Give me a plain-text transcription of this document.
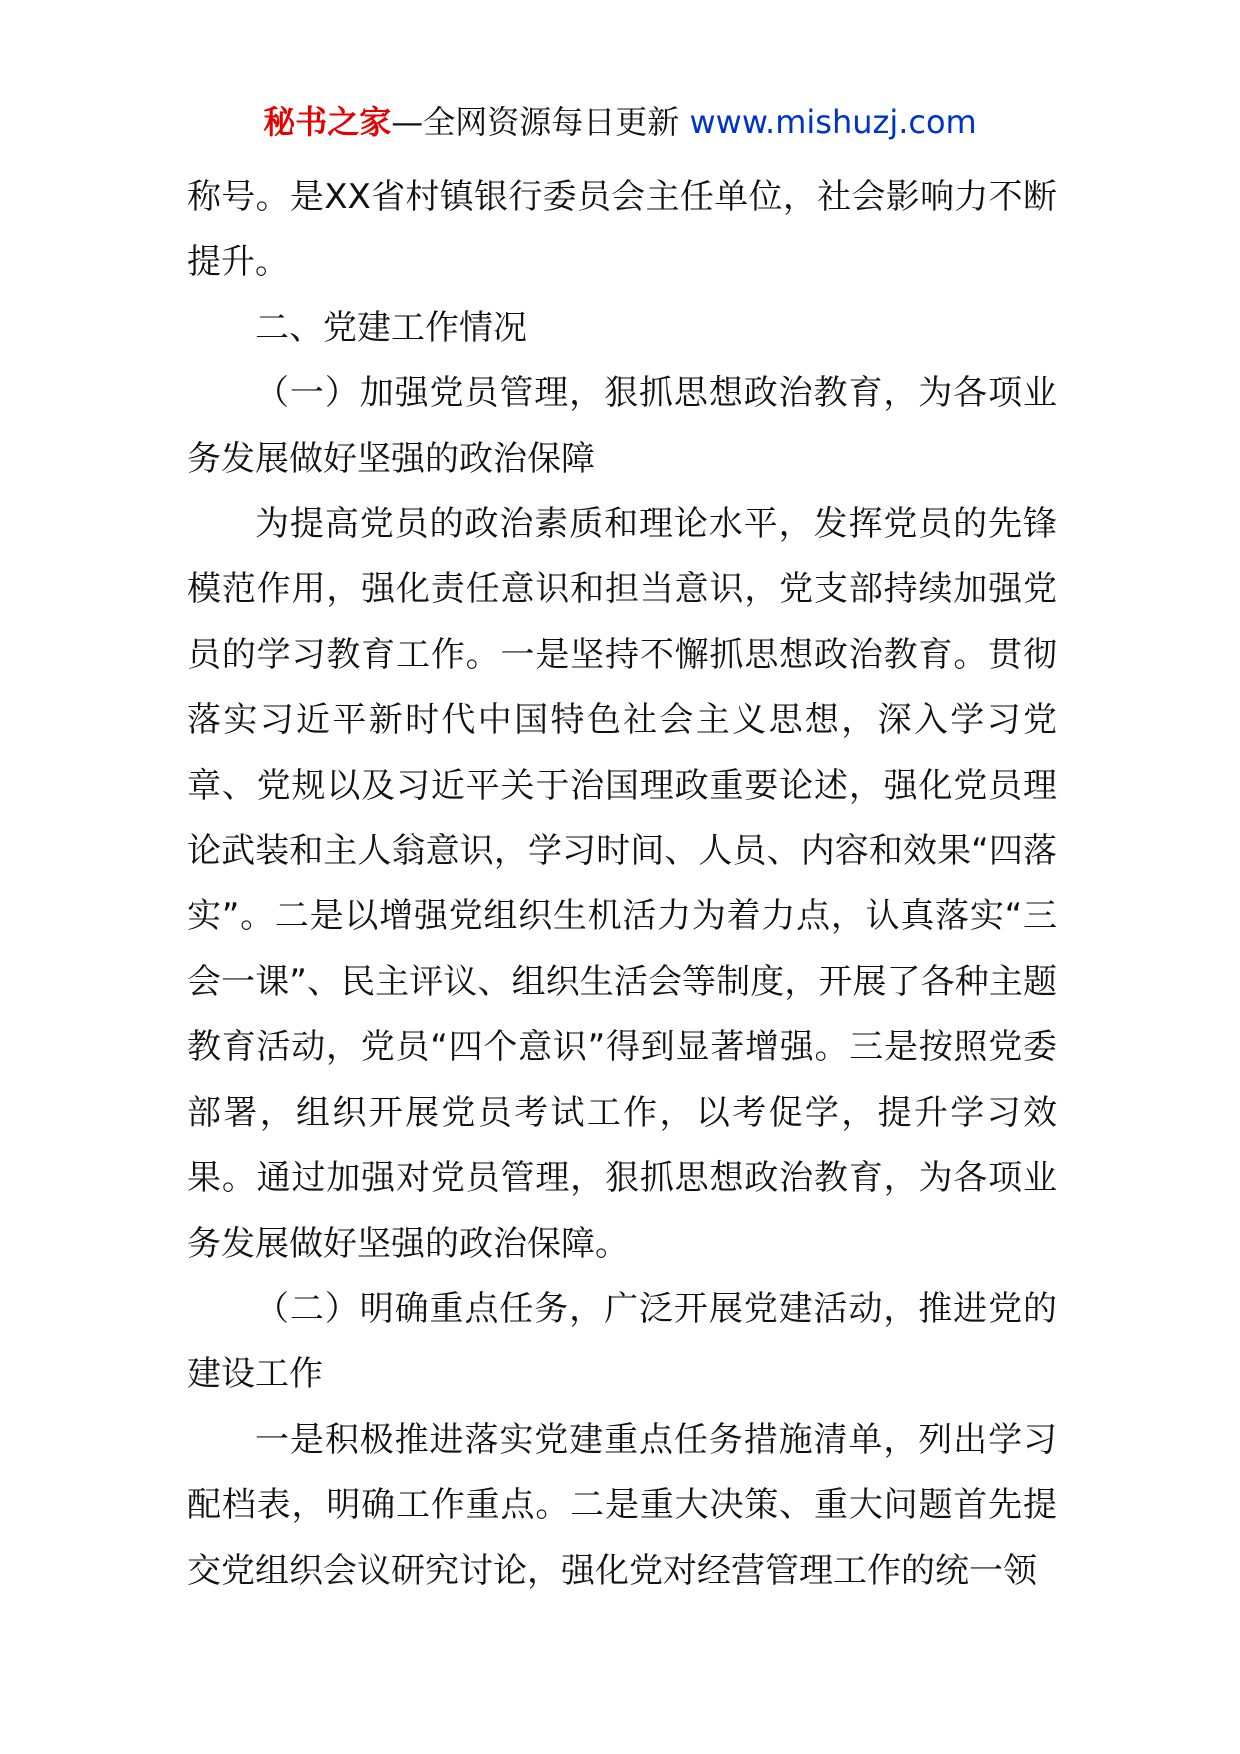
秘书之家—全网资源每日更新 www.mishuzj.com

称号。是XX省村镇银行委员会主任单位，社会影响力不断提升。

二、党建工作情况

（一）加强党员管理，狠抓思想政治教育，为各项业务发展做好坚强的政治保障

为提高党员的政治素质和理论水平，发挥党员的先锋模范作用，强化责任意识和担当意识，党支部持续加强党员的学习教育工作。一是坚持不懈抓思想政治教育。贯彻落实习近平新时代中国特色社会主义思想，深入学习党章、党规以及习近平关于治国理政重要论述，强化党员理论武装和主人翁意识，学习时间、人员、内容和效果“四落实”。二是以增强党组织生机活力为着力点，认真落实“三会一课”、民主评议、组织生活会等制度，开展了各种主题教育活动，党员“四个意识”得到显著增强。三是按照党委部署，组织开展党员考试工作，以考促学，提升学习效果。通过加强对党员管理，狠抓思想政治教育，为各项业务发展做好坚强的政治保障。

（二）明确重点任务，广泛开展党建活动，推进党的建设工作

一是积极推进落实党建重点任务措施清单，列出学习配档表，明确工作重点。二是重大决策、重大问题首先提交党组织会议研究讨论，强化党对经营管理工作的统一领
